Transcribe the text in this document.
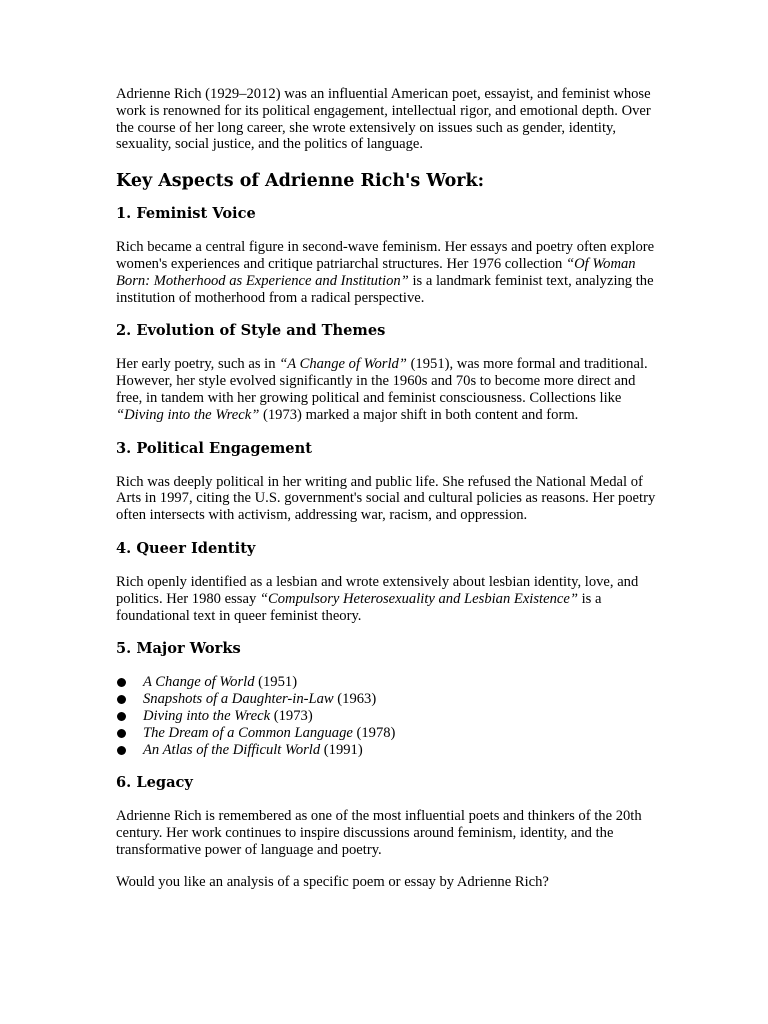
Adrienne Rich (1929–2012) was an influential American poet, essayist, and feminist whose work is renowned for its political engagement, intellectual rigor, and emotional depth. Over the course of her long career, she wrote extensively on issues such as gender, identity, sexuality, social justice, and the politics of language.

Key Aspects of Adrienne Rich's Work:
1. Feminist Voice

Rich became a central figure in second-wave feminism. Her essays and poetry often explore women's experiences and critique patriarchal structures. Her 1976 collection “Of Woman Born: Motherhood as Experience and Institution” is a landmark feminist text, analyzing the institution of motherhood from a radical perspective.

2. Evolution of Style and Themes

Her early poetry, such as in “A Change of World” (1951), was more formal and traditional. However, her style evolved significantly in the 1960s and 70s to become more direct and free, in tandem with her growing political and feminist consciousness. Collections like “Diving into the Wreck” (1973) marked a major shift in both content and form.

3. Political Engagement

Rich was deeply political in her writing and public life. She refused the National Medal of Arts in 1997, citing the U.S. government's social and cultural policies as reasons. Her poetry often intersects with activism, addressing war, racism, and oppression.

4. Queer Identity

Rich openly identified as a lesbian and wrote extensively about lesbian identity, love, and politics. Her 1980 essay “Compulsory Heterosexuality and Lesbian Existence” is a foundational text in queer feminist theory.

5. Major Works
A Change of World (1951)
Snapshots of a Daughter-in-Law (1963)
Diving into the Wreck (1973)
The Dream of a Common Language (1978)
An Atlas of the Difficult World (1991)
6. Legacy

Adrienne Rich is remembered as one of the most influential poets and thinkers of the 20th century. Her work continues to inspire discussions around feminism, identity, and the transformative power of language and poetry.

Would you like an analysis of a specific poem or essay by Adrienne Rich?
